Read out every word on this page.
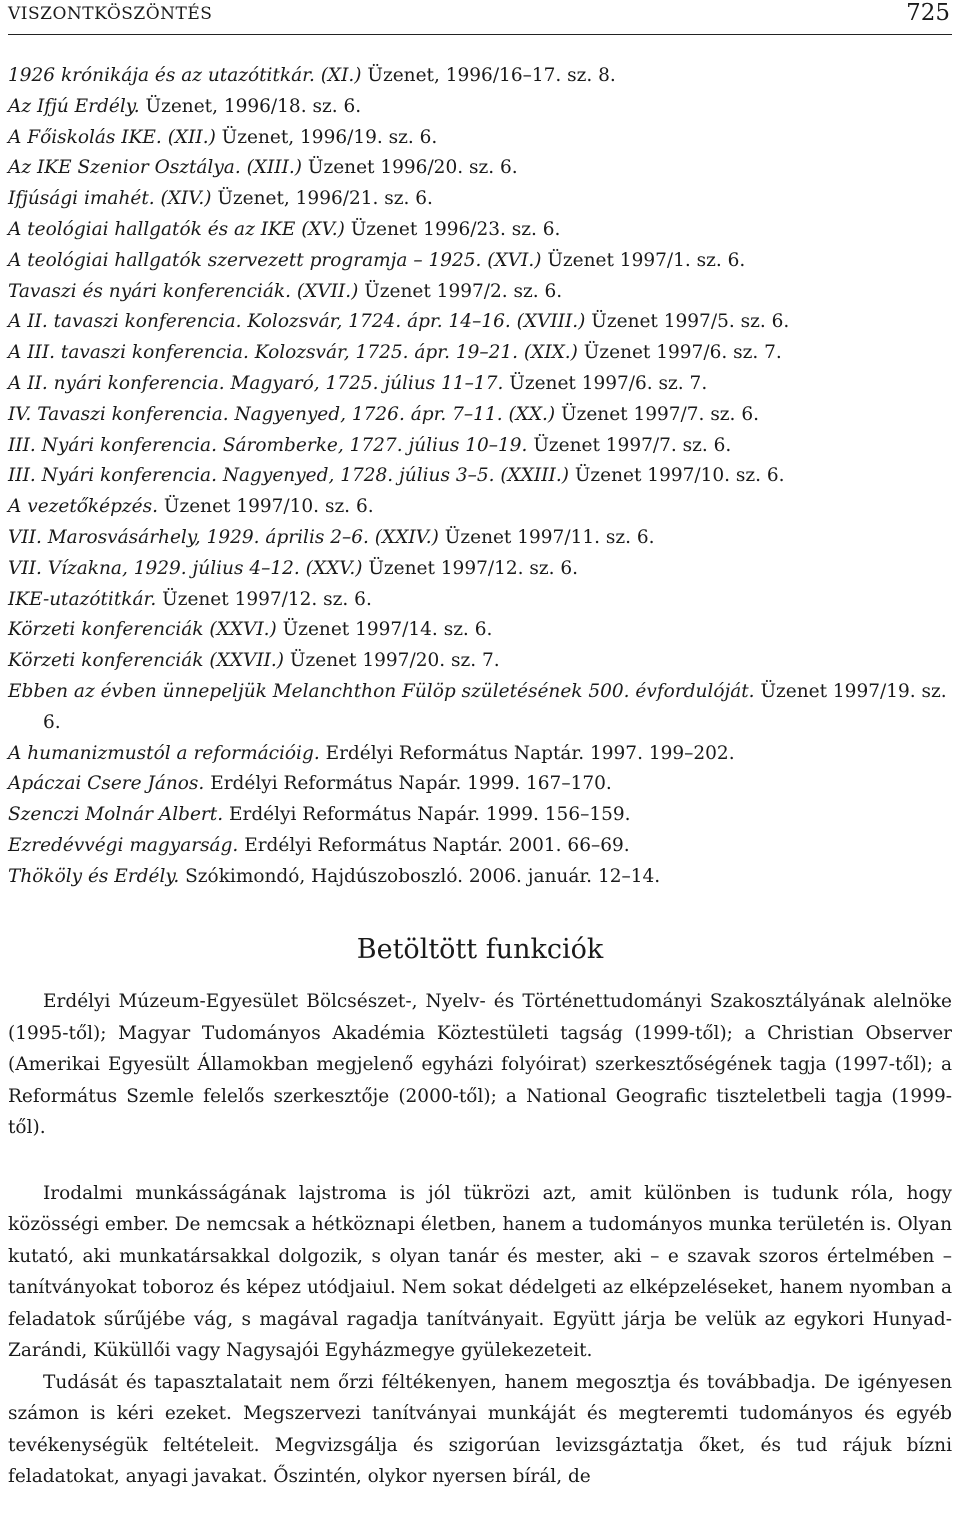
VISZONTKÖSZÖNTÉS	725
1926 krónikája és az utazótitkár. (XI.) Üzenet, 1996/16–17. sz. 8.
Az Ifjú Erdély. Üzenet, 1996/18. sz. 6.
A Főiskolás IKE. (XII.) Üzenet, 1996/19. sz. 6.
Az IKE Szenior Osztálya. (XIII.) Üzenet 1996/20. sz. 6.
Ifjúsági imahét. (XIV.) Üzenet, 1996/21. sz. 6.
A teológiai hallgatók és az IKE (XV.) Üzenet 1996/23. sz. 6.
A teológiai hallgatók szervezett programja – 1925. (XVI.) Üzenet 1997/1. sz. 6.
Tavaszi és nyári konferenciák. (XVII.) Üzenet 1997/2. sz. 6.
A II. tavaszi konferencia. Kolozsvár, 1724. ápr. 14–16. (XVIII.) Üzenet 1997/5. sz. 6.
A III. tavaszi konferencia. Kolozsvár, 1725. ápr. 19–21. (XIX.) Üzenet 1997/6. sz. 7.
A II. nyári konferencia. Magyaró, 1725. július 11–17. Üzenet 1997/6. sz. 7.
IV. Tavaszi konferencia. Nagyenyed, 1726. ápr. 7–11. (XX.) Üzenet 1997/7. sz. 6.
III. Nyári konferencia. Sáromberke, 1727. július 10–19. Üzenet 1997/7. sz. 6.
III. Nyári konferencia. Nagyenyed, 1728. július 3–5. (XXIII.) Üzenet 1997/10. sz. 6.
A vezetőképzés. Üzenet 1997/10. sz. 6.
VII. Marosvásárhely, 1929. április 2–6. (XXIV.) Üzenet 1997/11. sz. 6.
VII. Vízakna, 1929. július 4–12. (XXV.) Üzenet 1997/12. sz. 6.
IKE-utazótitkár. Üzenet 1997/12. sz. 6.
Körzeti konferenciák (XXVI.) Üzenet 1997/14. sz. 6.
Körzeti konferenciák (XXVII.) Üzenet 1997/20. sz. 7.
Ebben az évben ünnepeljük Melanchthon Fülöp születésének 500. évfordulóját. Üzenet 1997/19. sz. 6.
A humanizmustól a reformációig. Erdélyi Református Naptár. 1997. 199–202.
Apáczai Csere János. Erdélyi Református Napár. 1999. 167–170.
Szenczi Molnár Albert. Erdélyi Református Napár. 1999. 156–159.
Ezredévvégi magyarság. Erdélyi Református Naptár. 2001. 66–69.
Thököly és Erdély. Szókimondó, Hajdúszoboszló. 2006. január. 12–14.
Betöltött funkciók

Erdélyi Múzeum-Egyesület Bölcsészet-, Nyelv- és Történettudományi Szakosztályának alelnöke (1995-től); Magyar Tudományos Akadémia Köztestületi tagság (1999-től); a Christian Observer (Amerikai Egyesült Államokban megjelenő egyházi folyóirat) szerkesztőségének tagja (1997-től); a Református Szemle felelős szerkesztője (2000-től); a National Geografic tiszteletbeli tagja (1999-től).

Irodalmi munkásságának lajstroma is jól tükrözi azt, amit különben is tudunk róla, hogy közösségi ember. De nemcsak a hétköznapi életben, hanem a tudományos munka területén is. Olyan kutató, aki munkatársakkal dolgozik, s olyan tanár és mester, aki – e szavak szoros értelmében – tanítványokat toboroz és képez utódjaiul. Nem sokat dédelgeti az elképzeléseket, hanem nyomban a feladatok sűrűjébe vág, s magával ragadja tanítványait. Együtt járja be velük az egykori Hunyad-Zarándi, Küküllői vagy Nagysajói Egyházmegye gyülekezeteit.

Tudását és tapasztalatait nem őrzi féltékenyen, hanem megosztja és továbbadja. De igényesen számon is kéri ezeket. Megszervezi tanítványai munkáját és megteremti tudományos és egyéb tevékenységük feltételeit. Megvizsgálja és szigorúan levizsgáztatja őket, és tud rájuk bízni feladatokat, anyagi javakat. Őszintén, olykor nyersen bírál, de
